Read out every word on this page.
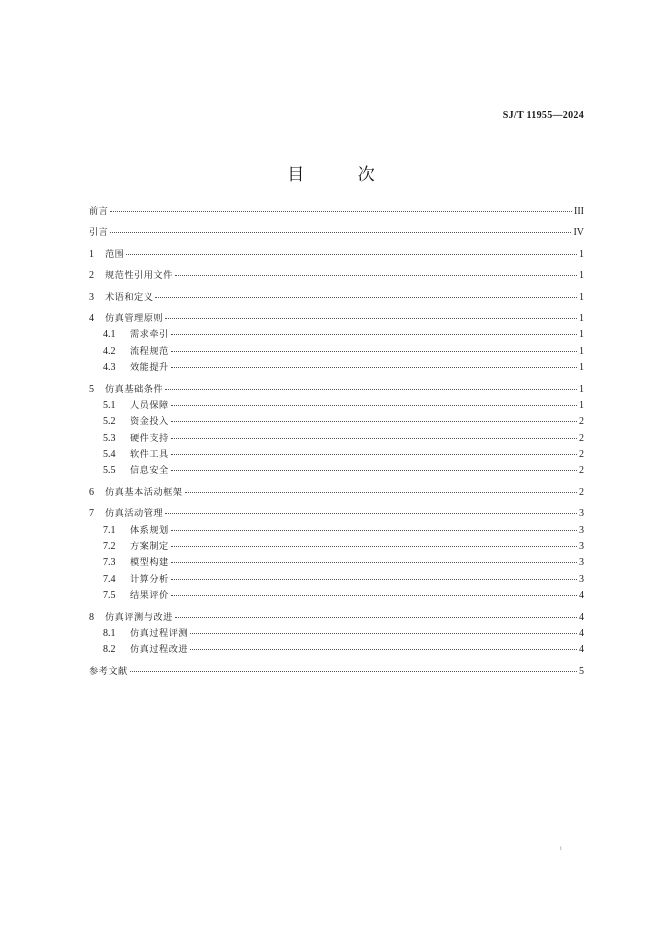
SJ/T 11955—2024
目 次
前言	III
引言	IV
1	范围	1
2	规范性引用文件	1
3	术语和定义	1
4	仿真管理原则	1
4.1	需求牵引	1
4.2	流程规范	1
4.3	效能提升	1
5	仿真基础条件	1
5.1	人员保障	1
5.2	资金投入	2
5.3	硬件支持	2
5.4	软件工具	2
5.5	信息安全	2
6	仿真基本活动框架	2
7	仿真活动管理	3
7.1	体系规划	3
7.2	方案制定	3
7.3	模型构建	3
7.4	计算分析	3
7.5	结果评价	4
8	仿真评测与改进	4
8.1	仿真过程评测	4
8.2	仿真过程改进	4
参考文献	5
i
